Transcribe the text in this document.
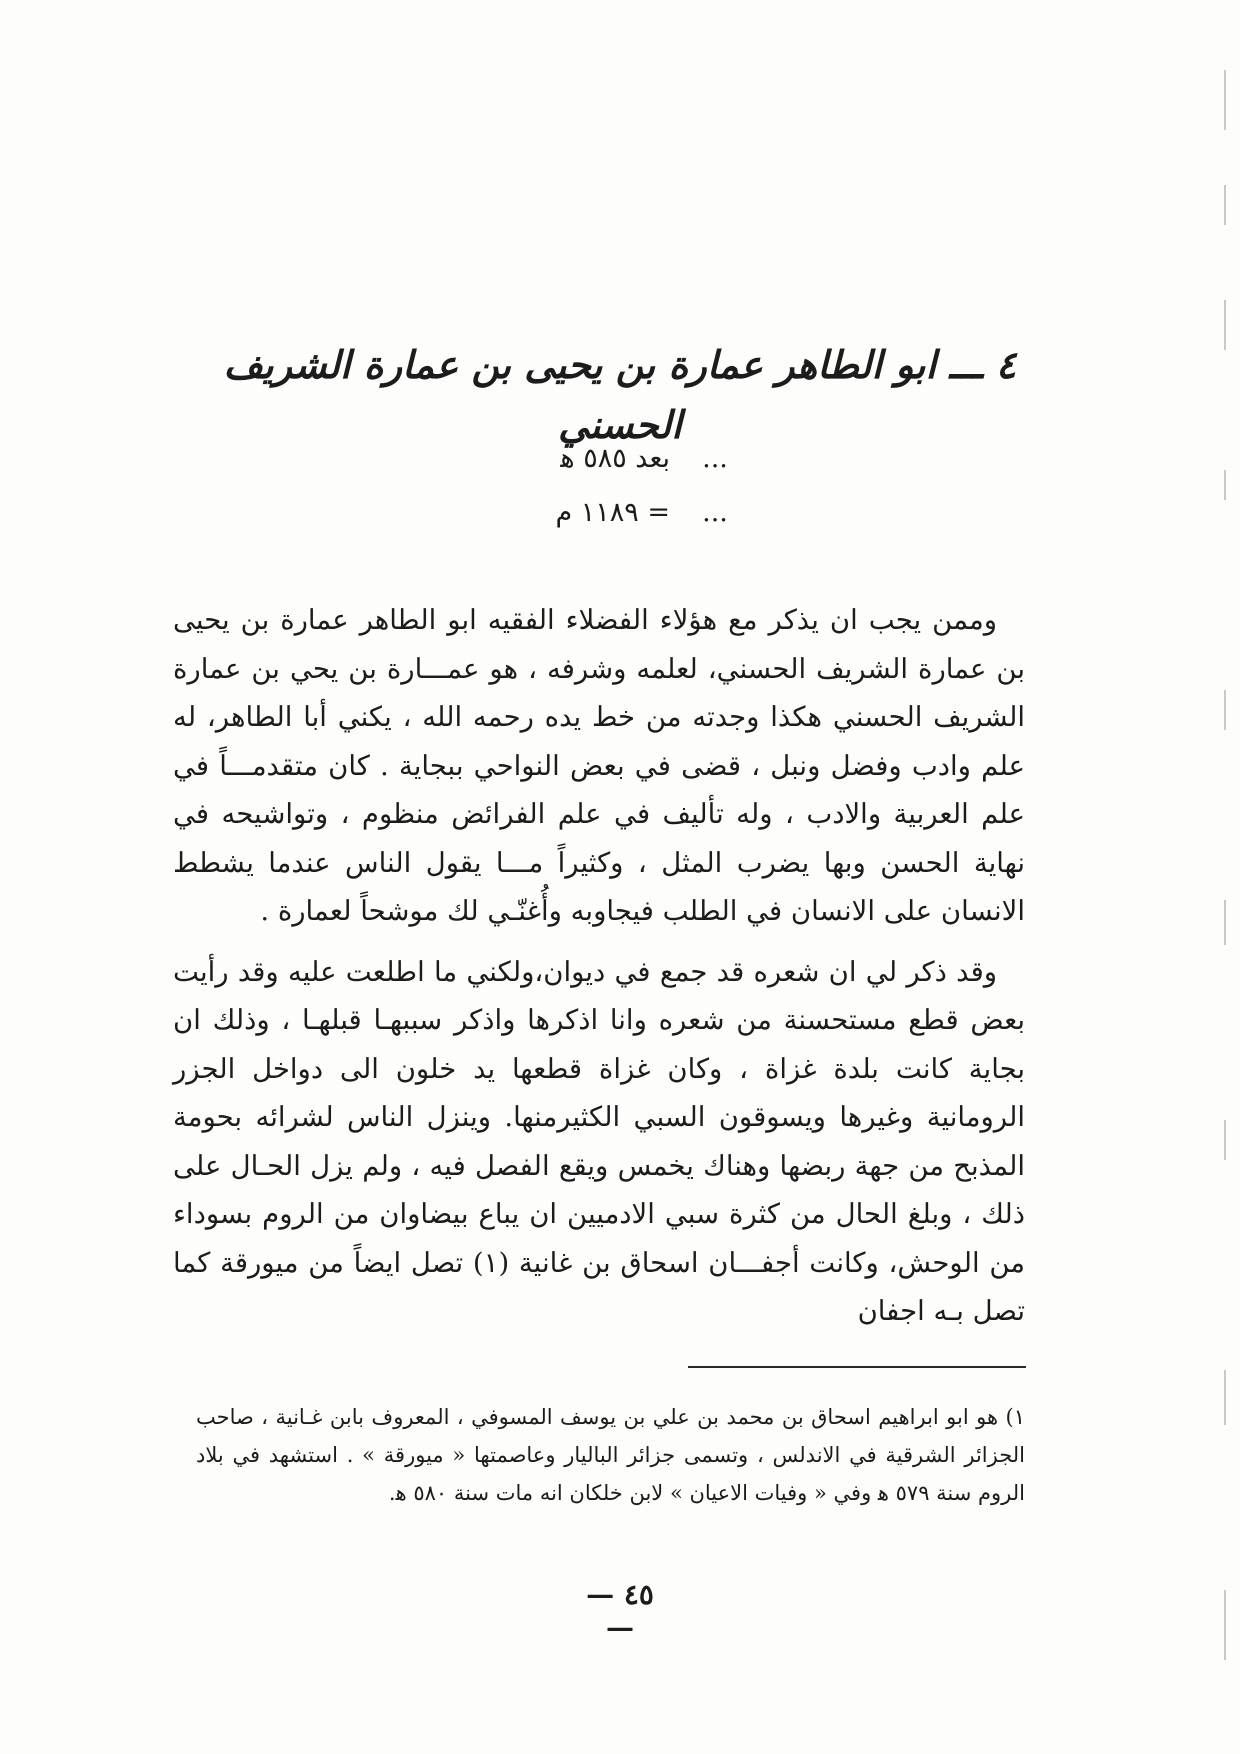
٤ ـــ ابو الطاهر عمارة بن يحيى بن عمارة الشريف الحسني
...
بعد ٥٨٥ ﻫ
...
= ١١٨٩ م

وممن يجب ان يذكر مع هؤلاء الفضلاء الفقيه ابو الطاهر عمارة بن يحيى بن عمارة الشريف الحسني، لعلمه وشرفه ، هو عمـــارة بن يحي بن عمارة الشريف الحسني هكذا وجدته من خط يده رحمه الله ، يكني أبا الطاهر، له علم وادب وفضل ونبل ، قضى في بعض النواحي ببجاية . كان متقدمـــاً في علم العربية والادب ، وله تأليف في علم الفرائض منظوم ، وتواشيحه في نهاية الحسن وبها يضرب المثل ، وكثيراً مـــا يقول الناس عندما يشطط الانسان على الانسان في الطلب فيجاوبه وأُغنّـي لك موشحاً لعمارة .

وقد ذكر لي ان شعره قد جمع في ديوان،ولكني ما اطلعت عليه وقد رأيت بعض قطع مستحسنة من شعره وانا اذكرها واذكر سببهـا قبلهـا ، وذلك ان بجاية كانت بلدة غزاة ، وكان غزاة قطعها يد خلون الى دواخل الجزر الرومانية وغيرها ويسوقون السبي الكثيرمنها. وينزل الناس لشرائه بحومة المذبح من جهة ربضها وهناك يخمس ويقع الفصل فيه ، ولم يزل الحـال على ذلك ، وبلغ الحال من كثرة سبي الادميين ان يباع بيضاوان من الروم بسوداء من الوحش، وكانت أجفـــان اسحاق بن غانية (١) تصل ايضاً من ميورقة كما تصل بـه اجفان

١) هو ابو ابراهيم اسحاق بن محمد بن علي بن يوسف المسوفي ، المعروف بابن غـانية ، صاحب الجزائر الشرقية في الاندلس ، وتسمى جزائر الباليار وعاصمتها « ميورقة » . استشهد في بلاد الروم سنة ٥٧٩ ﻫ وفي « وفيات الاعيان » لابن خلكان انه مات سنة ٥٨٠ ﻫ.
— ٤٥ —
